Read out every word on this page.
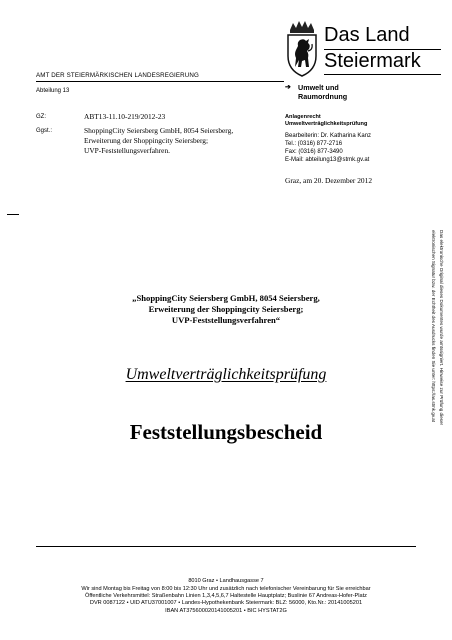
AMT DER STEIERMÄRKISCHEN LANDESREGIERUNG
Abteilung 13
Das Land
Steiermark
➔ Umwelt und
Raumordnung
Anlagenrecht
Umweltverträglichkeitsprüfung
Bearbeiterin: Dr. Katharina Kanz
Tel.: (0316) 877-2716
Fax: (0316) 877-3490
E-Mail: abteilung13@stmk.gv.at
Graz, am 20. Dezember 2012
GZ:	ABT13-11.10-219/2012-23
Ggst.:	ShoppingCity Seiersberg GmbH, 8054 Seiersberg,
Erweiterung der Shoppingcity Seiersberg;
UVP-Feststellungsverfahren.
Das elektronische Original dieses Dokumentes wurde amtssigniert. Hinweise zur Prüfung dieser
elektronischen Signatur bzw. der Echtheit des Ausdrucks finden Sie unter: https://as.stmk.gv.at
„ShoppingCity Seiersberg GmbH, 8054 Seiersberg,
Erweiterung der Shoppingcity Seiersberg;
UVP-Feststellungsverfahren“
Umweltverträglichkeitsprüfung
Feststellungsbescheid
8010 Graz • Landhausgasse 7
Wir sind Montag bis Freitag von 8:00 bis 12:30 Uhr und zusätzlich nach telefonischer Vereinbarung für Sie erreichbar
Öffentliche Verkehrsmittel: Straßenbahn Linien 1,3,4,5,6,7 Haltestelle Hauptplatz; Buslinie 67 Andreas-Hofer-Platz
DVR 0087122 • UID ATU37001007 • Landes-Hypothekenbank Steiermark: BLZ: 56000, Kto.Nr.: 20141005201
IBAN AT375600020141005201 • BIC HYSTAT2G
